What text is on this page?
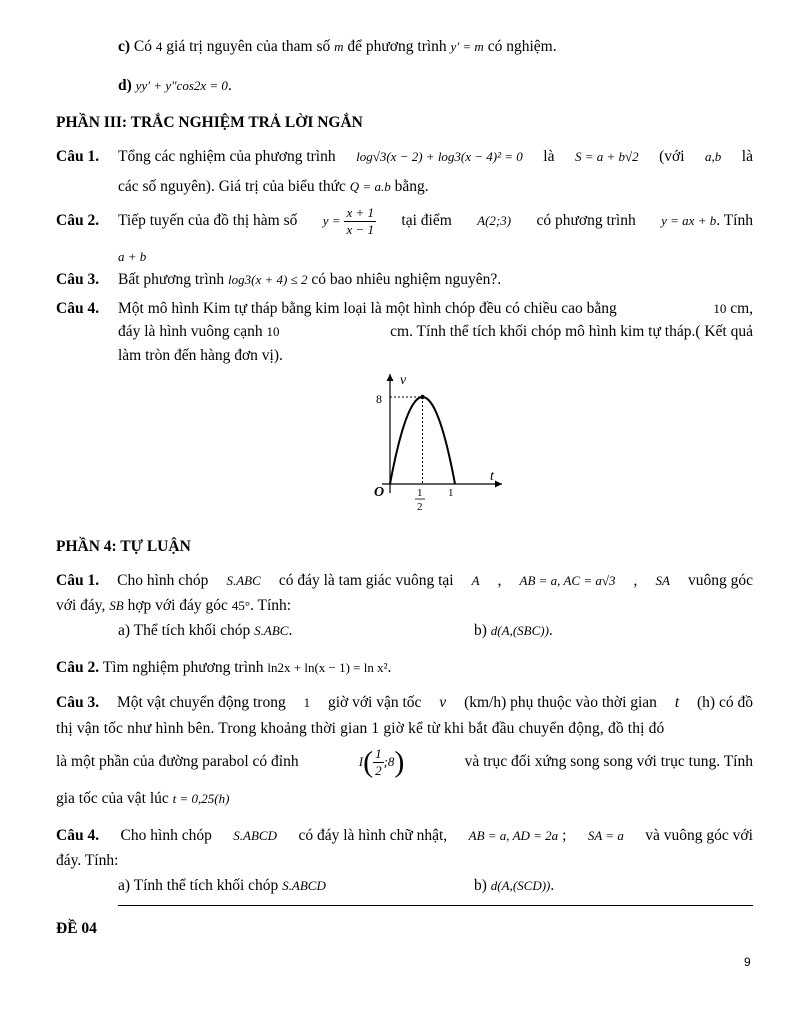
c) Có 4 giá trị nguyên của tham số m để phương trình y′ = m có nghiệm.
d) yy′ + y"cos2x = 0.
PHẦN III: TRẮC NGHIỆM TRẢ LỜI NGẮN
Câu 1. Tổng các nghiệm của phương trình log√3(x − 2) + log3(x − 4)² = 0 là S = a + b√2 (với a,b là
các số nguyên). Giá trị của biểu thức Q = a.b bằng.
Câu 2. Tiếp tuyến của đồ thị hàm số $y = \frac{x + 1}{x - 1}$ tại điểm A(2;3) có phương trình y = ax + b. Tính
a + b
Câu 3. Bất phương trình log3(x + 4) ≤ 2 có bao nhiêu nghiệm nguyên?.
Câu 4. Một mô hình Kim tự tháp bằng kim loại là một hình chóp đều có chiều cao bằng	10 cm,
đáy là hình vuông cạnh 10	cm. Tính thể tích khối chóp mô hình kim tự tháp.( Kết quả
làm tròn đến hàng đơn vị).
v
t
O
8
1
2
1
PHẦN 4: TỰ LUẬN
Câu 1. Cho hình chóp S.ABC có đáy là tam giác vuông tại A , AB = a, AC = a√3 , SA vuông góc
với đáy, SB hợp với đáy góc 45°. Tính:
a) Thể tích khối chóp S.ABC.	b) d(A,(SBC)).
Câu 2. Tìm nghiệm phương trình ln2x + ln(x − 1) = ln x².
Câu 3. Một vật chuyển động trong 1 giờ với vận tốc v (km/h) phụ thuộc vào thời gian t (h) có đồ
thị vận tốc như hình bên. Trong khoảng thời gian 1 giờ kể từ khi bắt đầu chuyển động, đồ thị đó
là một phần của đường parabol có đỉnh	$I( \frac{1}{2}$ ;8)	và trục đối xứng song song với trục tung. Tính
gia tốc của vật lúc t = 0,25(h)
Câu 4. Cho hình chóp S.ABCD có đáy là hình chữ nhật, AB = a, AD = 2a ; SA = a và vuông góc với
đáy. Tính:
a) Tính thể tích khối chóp S.ABCD	b) d(A,(SCD)).
ĐỀ 04
9
